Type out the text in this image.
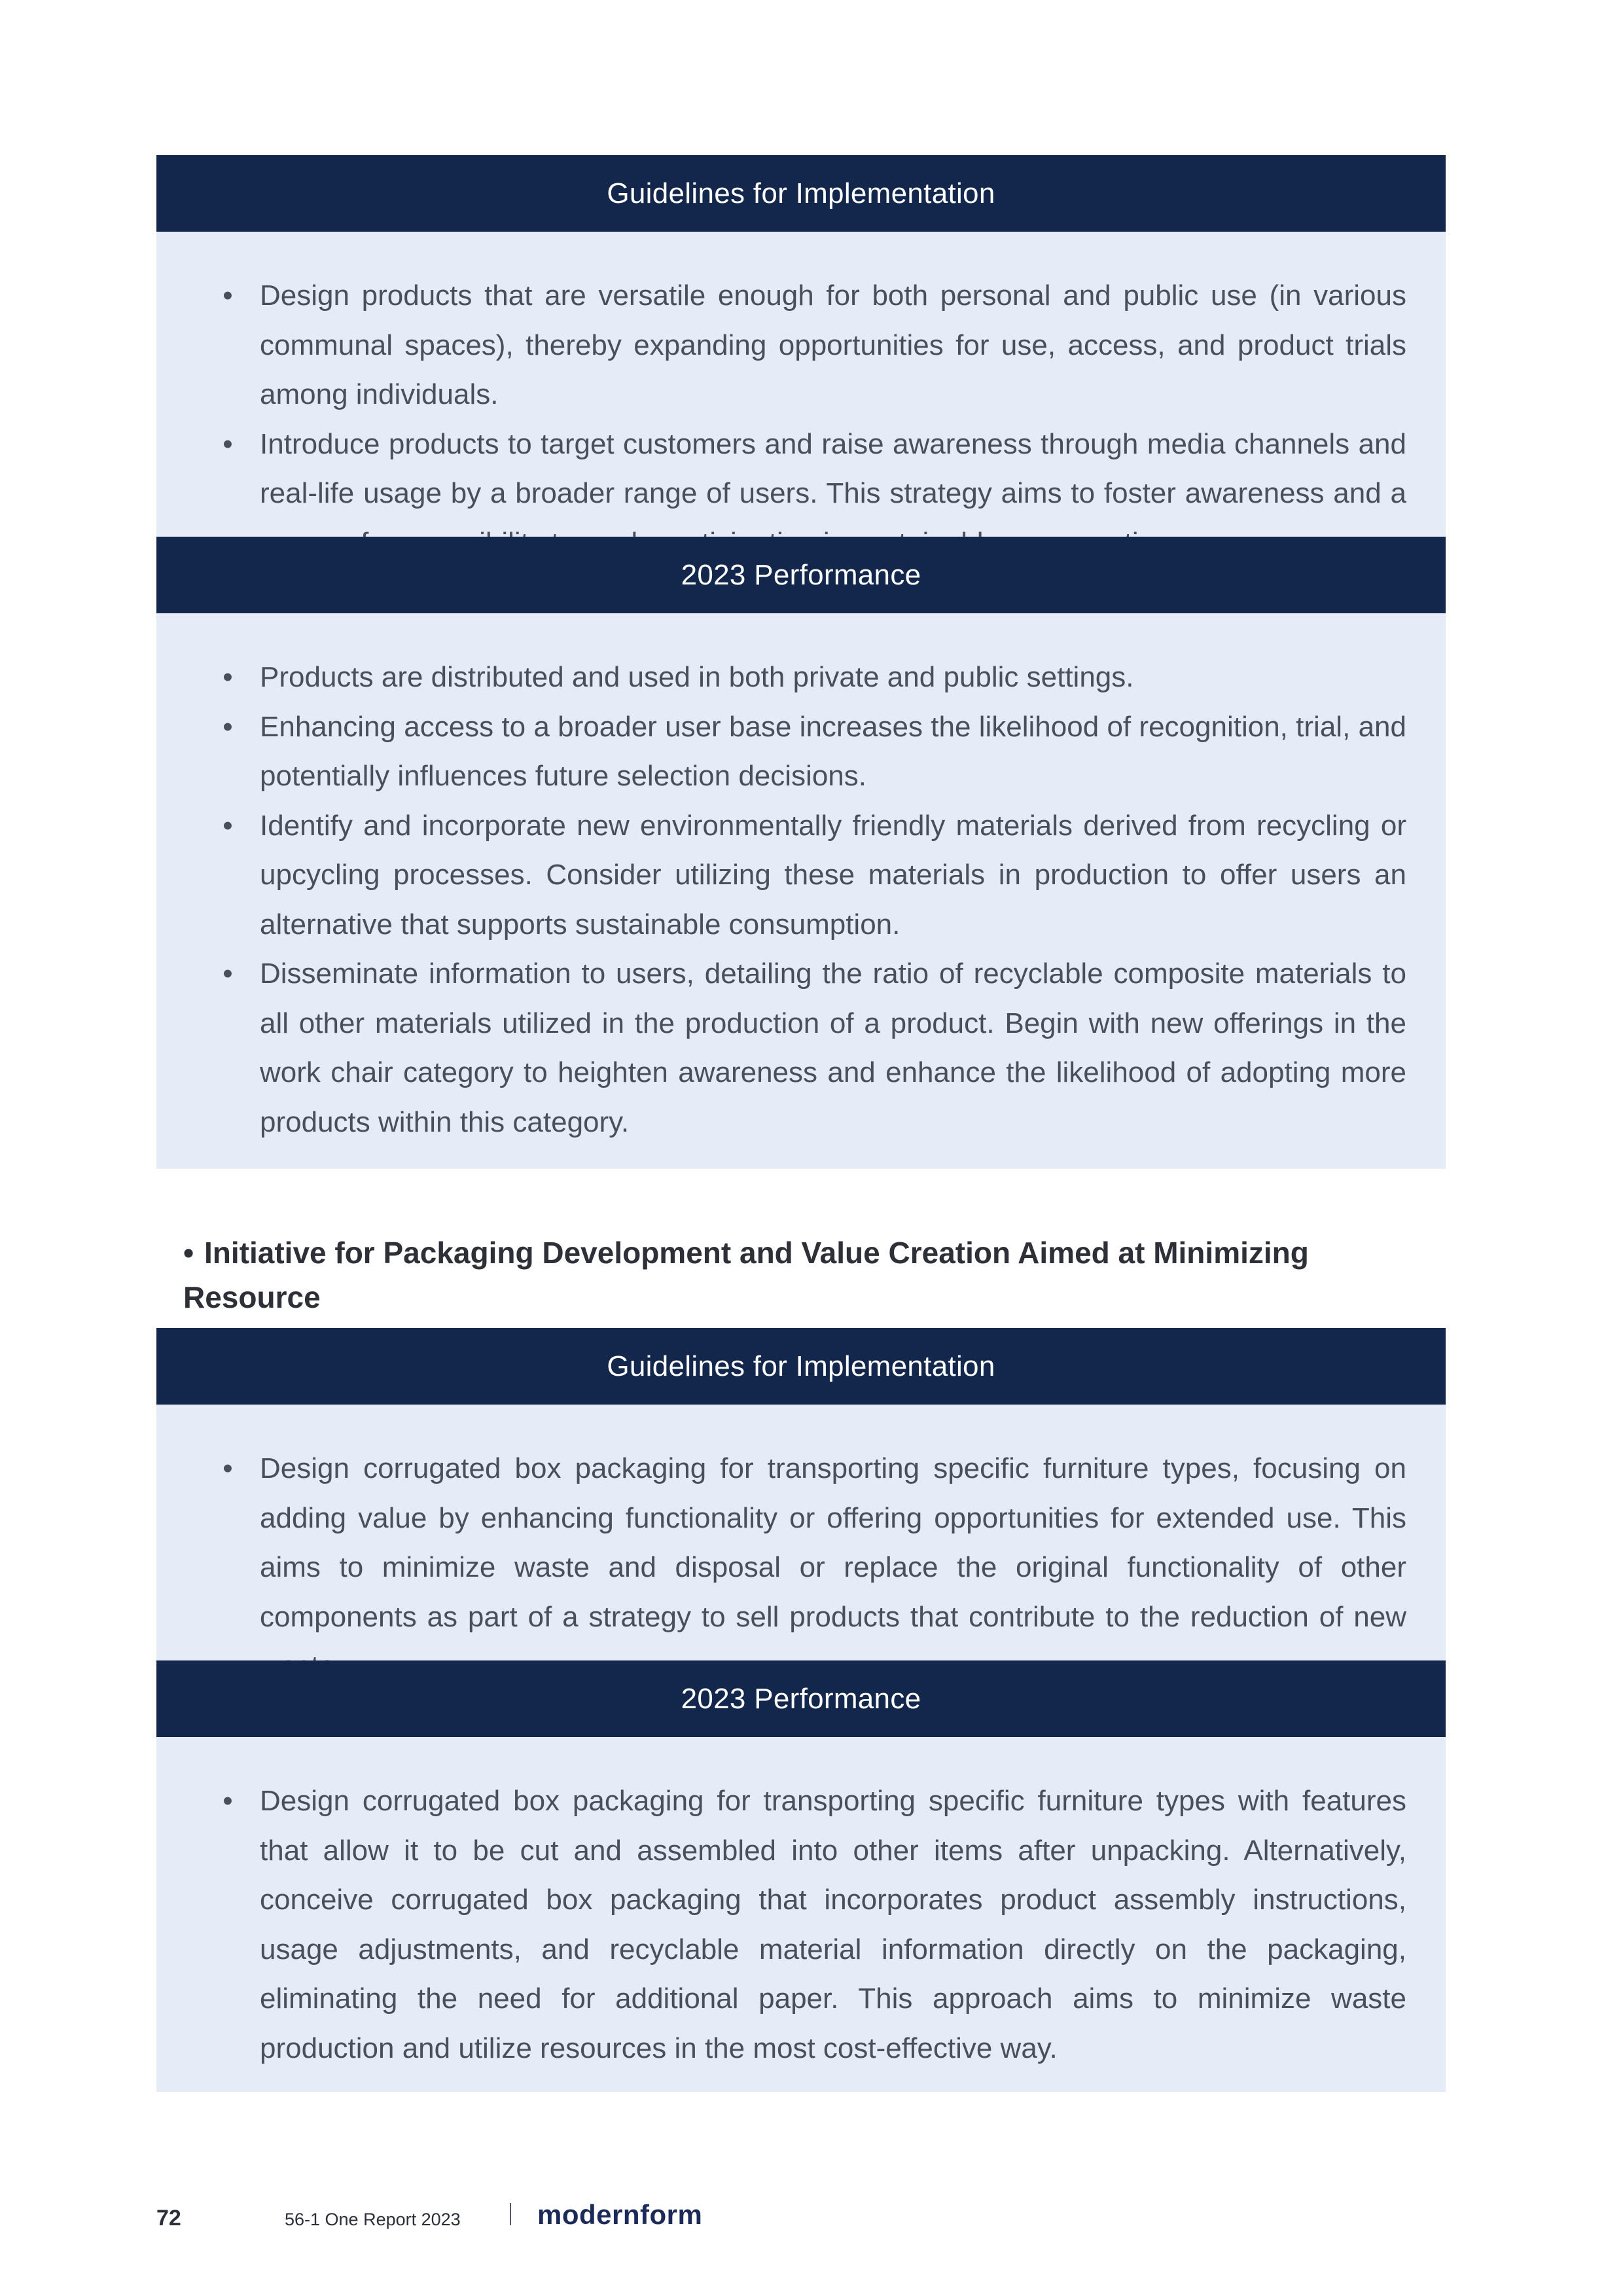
Guidelines for Implementation
• Design products that are versatile enough for both personal and public use (in various communal spaces), thereby expanding opportunities for use, access, and product trials among individuals.
• Introduce products to target customers and raise awareness through media channels and real-life usage by a broader range of users. This strategy aims to foster awareness and a
2023 Performance
• Products are distributed and used in both private and public settings.
• Enhancing access to a broader user base increases the likelihood of recognition, trial, and potentially influences future selection decisions.
• Identify and incorporate new environmentally friendly materials derived from recycling or upcycling processes. Consider utilizing these materials in production to offer users an alternative that supports sustainable consumption.
• Disseminate information to users, detailing the ratio of recyclable composite materials to all other materials utilized in the production of a product. Begin with new offerings in the work chair category to heighten awareness and enhance the likelihood of adopting more products within this category.
• Initiative for Packaging Development and Value Creation Aimed at Minimizing Resource
Guidelines for Implementation
• Design corrugated box packaging for transporting specific furniture types, focusing on adding value by enhancing functionality or offering opportunities for extended use. This aims to minimize waste and disposal or replace the original functionality of other components as part of a strategy to sell products that contribute to the reduction of new
2023 Performance
• Design corrugated box packaging for transporting specific furniture types with features that allow it to be cut and assembled into other items after unpacking. Alternatively, conceive corrugated box packaging that incorporates product assembly instructions, usage adjustments, and recyclable material information directly on the packaging, eliminating the need for additional paper. This approach aims to minimize waste production and utilize resources in the most cost-effective way.
72	56-1 One Report 2023	modernform
